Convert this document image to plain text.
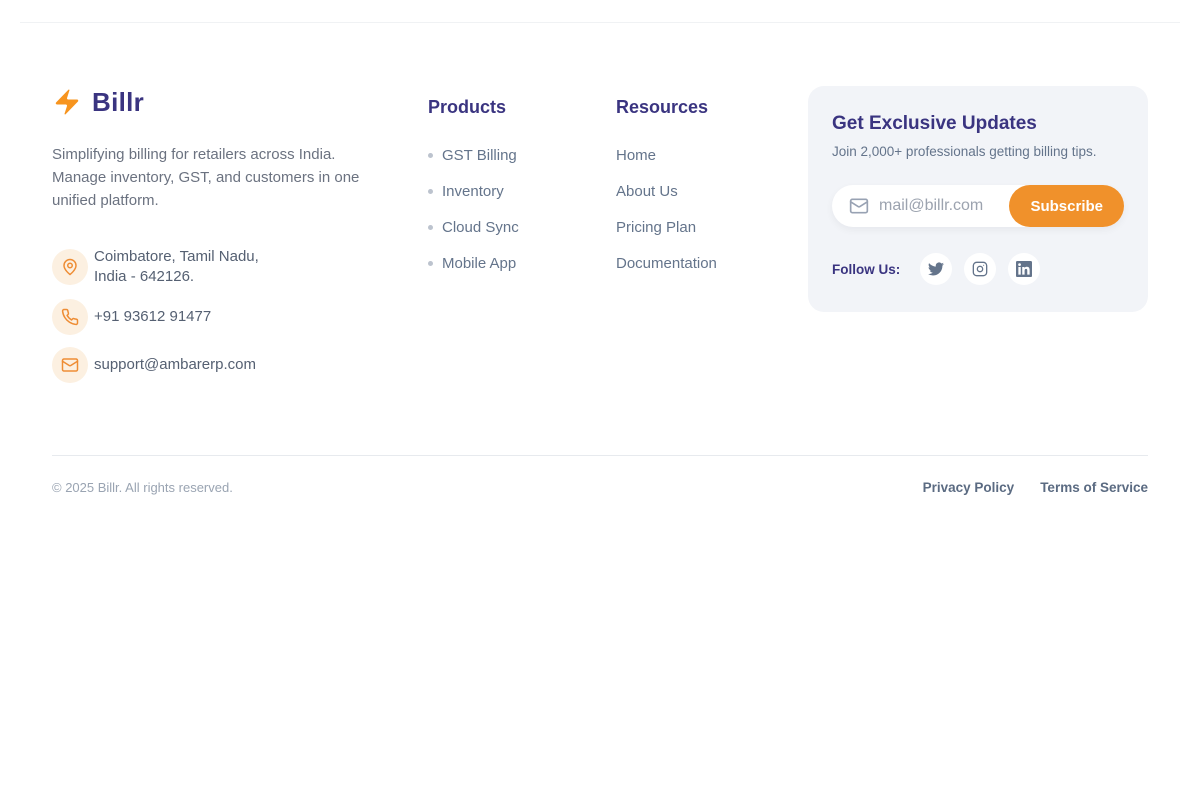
Billr

Simplifying billing for retailers across India. Manage inventory, GST, and customers in one unified platform.

Coimbatore, Tamil Nadu, India - 642126.
+91 93612 91477
support@ambarerp.com
Products
GST Billing
Inventory
Cloud Sync
Mobile App
Resources
Home
About Us
Pricing Plan
Documentation
Get Exclusive Updates
Join 2,000+ professionals getting billing tips.
mail@billr.com
Subscribe
Follow Us:
© 2025 Billr. All rights reserved.	Privacy Policy Terms of Service
